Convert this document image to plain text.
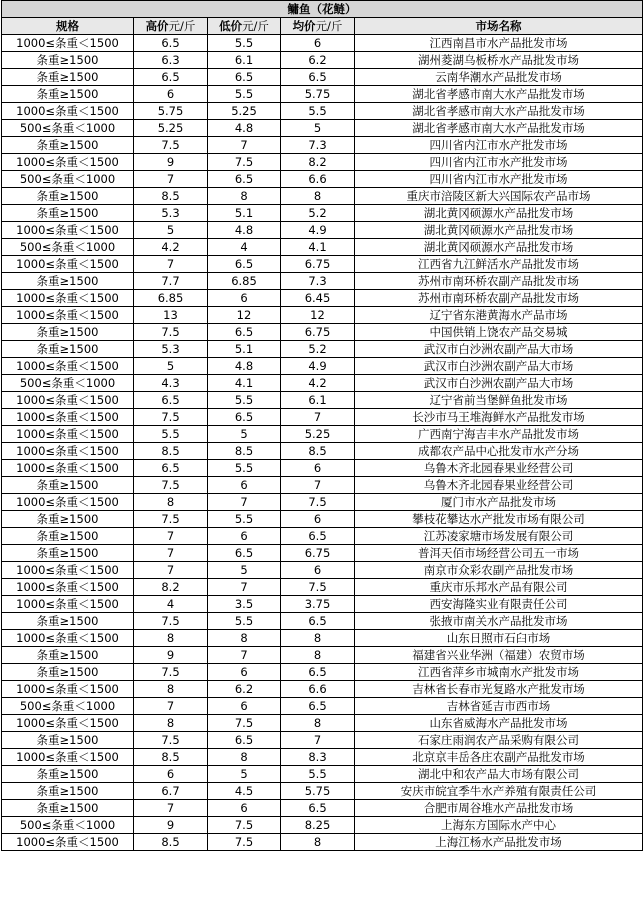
鳙鱼（花鲢）				
规格	高价元/斤	低价元/斤	均价元/斤	市场名称
1000≤条重＜1500	6.5	5.5	6	江西南昌市水产品批发市场
条重≥1500	6.3	6.1	6.2	湖州菱湖乌板桥水产品批发市场
条重≥1500	6.5	6.5	6.5	云南华潮水产品批发市场
条重≥1500	6	5.5	5.75	湖北省孝感市南大水产品批发市场
1000≤条重＜1500	5.75	5.25	5.5	湖北省孝感市南大水产品批发市场
500≤条重＜1000	5.25	4.8	5	湖北省孝感市南大水产品批发市场
条重≥1500	7.5	7	7.3	四川省内江市水产批发市场
1000≤条重＜1500	9	7.5	8.2	四川省内江市水产批发市场
500≤条重＜1000	7	6.5	6.6	四川省内江市水产批发市场
条重≥1500	8.5	8	8	重庆市涪陵区新大兴国际农产品市场
条重≥1500	5.3	5.1	5.2	湖北黄冈硕源水产品批发市场
1000≤条重＜1500	5	4.8	4.9	湖北黄冈硕源水产品批发市场
500≤条重＜1000	4.2	4	4.1	湖北黄冈硕源水产品批发市场
1000≤条重＜1500	7	6.5	6.75	江西省九江鲜活水产品批发市场
条重≥1500	7.7	6.85	7.3	苏州市南环桥农副产品批发市场
1000≤条重＜1500	6.85	6	6.45	苏州市南环桥农副产品批发市场
1000≤条重＜1500	13	12	12	辽宁省东港黄海水产品市场
条重≥1500	7.5	6.5	6.75	中国供销上饶农产品交易城
条重≥1500	5.3	5.1	5.2	武汉市白沙洲农副产品大市场
1000≤条重＜1500	5	4.8	4.9	武汉市白沙洲农副产品大市场
500≤条重＜1000	4.3	4.1	4.2	武汉市白沙洲农副产品大市场
1000≤条重＜1500	6.5	5.5	6.1	辽宁省前当堡鲜鱼批发市场
1000≤条重＜1500	7.5	6.5	7	长沙市马王堆海鲜水产品批发市场
1000≤条重＜1500	5.5	5	5.25	广西南宁海吉丰水产品批发市场
1000≤条重＜1500	8.5	8.5	8.5	成都农产品中心批发市水产分场
1000≤条重＜1500	6.5	5.5	6	乌鲁木齐北园春果业经营公司
条重≥1500	7.5	6	7	乌鲁木齐北园春果业经营公司
1000≤条重＜1500	8	7	7.5	厦门市水产品批发市场
条重≥1500	7.5	5.5	6	攀枝花攀达水产批发市场有限公司
条重≥1500	7	6	6.5	江苏凌家塘市场发展有限公司
条重≥1500	7	6.5	6.75	普洱天佰市场经营公司五一市场
1000≤条重＜1500	7	5	6	南京市众彩农副产品批发市场
1000≤条重＜1500	8.2	7	7.5	重庆市乐邦水产品有限公司
1000≤条重＜1500	4	3.5	3.75	西安海隆实业有限责任公司
条重≥1500	7.5	5.5	6.5	张掖市南关水产品批发市场
1000≤条重＜1500	8	8	8	山东日照市石臼市场
条重≥1500	9	7	8	福建省兴业华洲（福建）农贸市场
条重≥1500	7.5	6	6.5	江西省萍乡市城南水产批发市场
1000≤条重＜1500	8	6.2	6.6	吉林省长春市光复路水产批发市场
500≤条重＜1000	7	6	6.5	吉林省延吉市西市场
1000≤条重＜1500	8	7.5	8	山东省威海水产品批发市场
条重≥1500	7.5	6.5	7	石家庄雨润农产品采购有限公司
1000≤条重＜1500	8.5	8	8.3	北京京丰岳各庄农副产品批发市场
条重≥1500	6	5	5.5	湖北中和农产品大市场有限公司
条重≥1500	6.7	4.5	5.75	安庆市皖宜季牛水产养殖有限责任公司
条重≥1500	7	6	6.5	合肥市周谷堆水产品批发市场
500≤条重＜1000	9	7.5	8.25	上海东方国际水产中心
1000≤条重＜1500	8.5	7.5	8	上海江杨水产品批发市场
